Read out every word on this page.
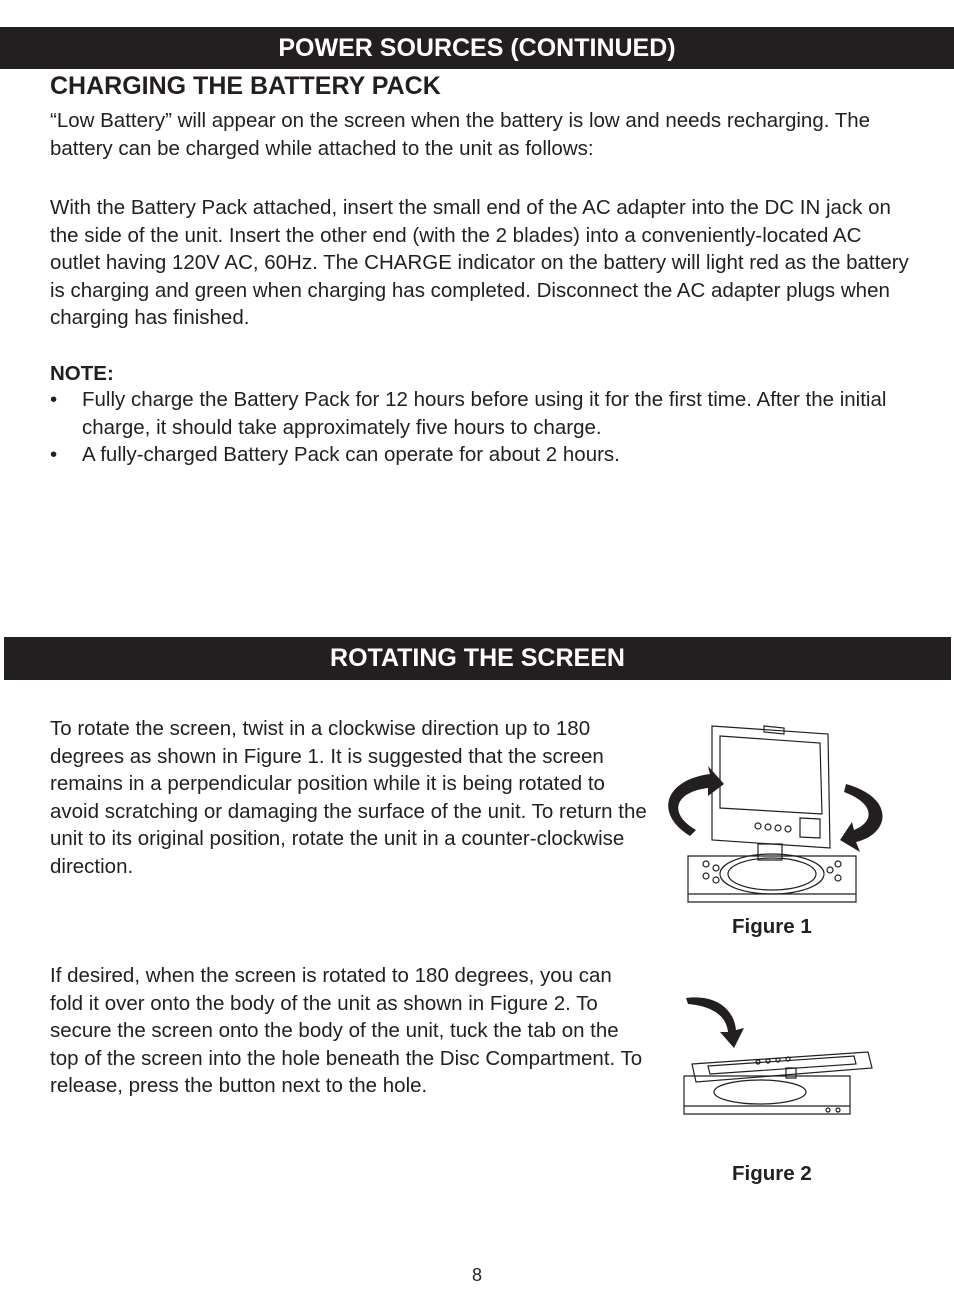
POWER SOURCES (CONTINUED)
CHARGING THE BATTERY PACK

“Low Battery” will appear on the screen when the battery is low and needs recharging. The battery can be charged while attached to the unit as follows:

With the Battery Pack attached, insert the small end of the AC adapter into the DC IN jack on the side of the unit. Insert the other end (with the 2 blades) into a conveniently-located AC outlet having 120V AC, 60Hz. The CHARGE indicator on the battery will light red as the battery is charging and green when charging has completed. Disconnect the AC adapter plugs when charging has finished.

NOTE:

• Fully charge the Battery Pack for 12 hours before using it for the first time. After the initial charge, it should take approximately five hours to charge.
• A fully-charged Battery Pack can operate for about 2 hours.
ROTATING THE SCREEN

To rotate the screen, twist in a clockwise direction up to 180 degrees as shown in Figure 1. It is suggested that the screen remains in a perpendicular position while it is being rotated to avoid scratching or damaging the surface of the unit. To return the unit to its original position, rotate the unit in a counter-clockwise direction.

Figure 1

If desired, when the screen is rotated to 180 degrees, you can fold it over onto the body of the unit as shown in Figure 2. To secure the screen onto the body of the unit, tuck the tab on the top of the screen into the hole beneath the Disc Compartment. To release, press the button next to the hole.

Figure 2
8
